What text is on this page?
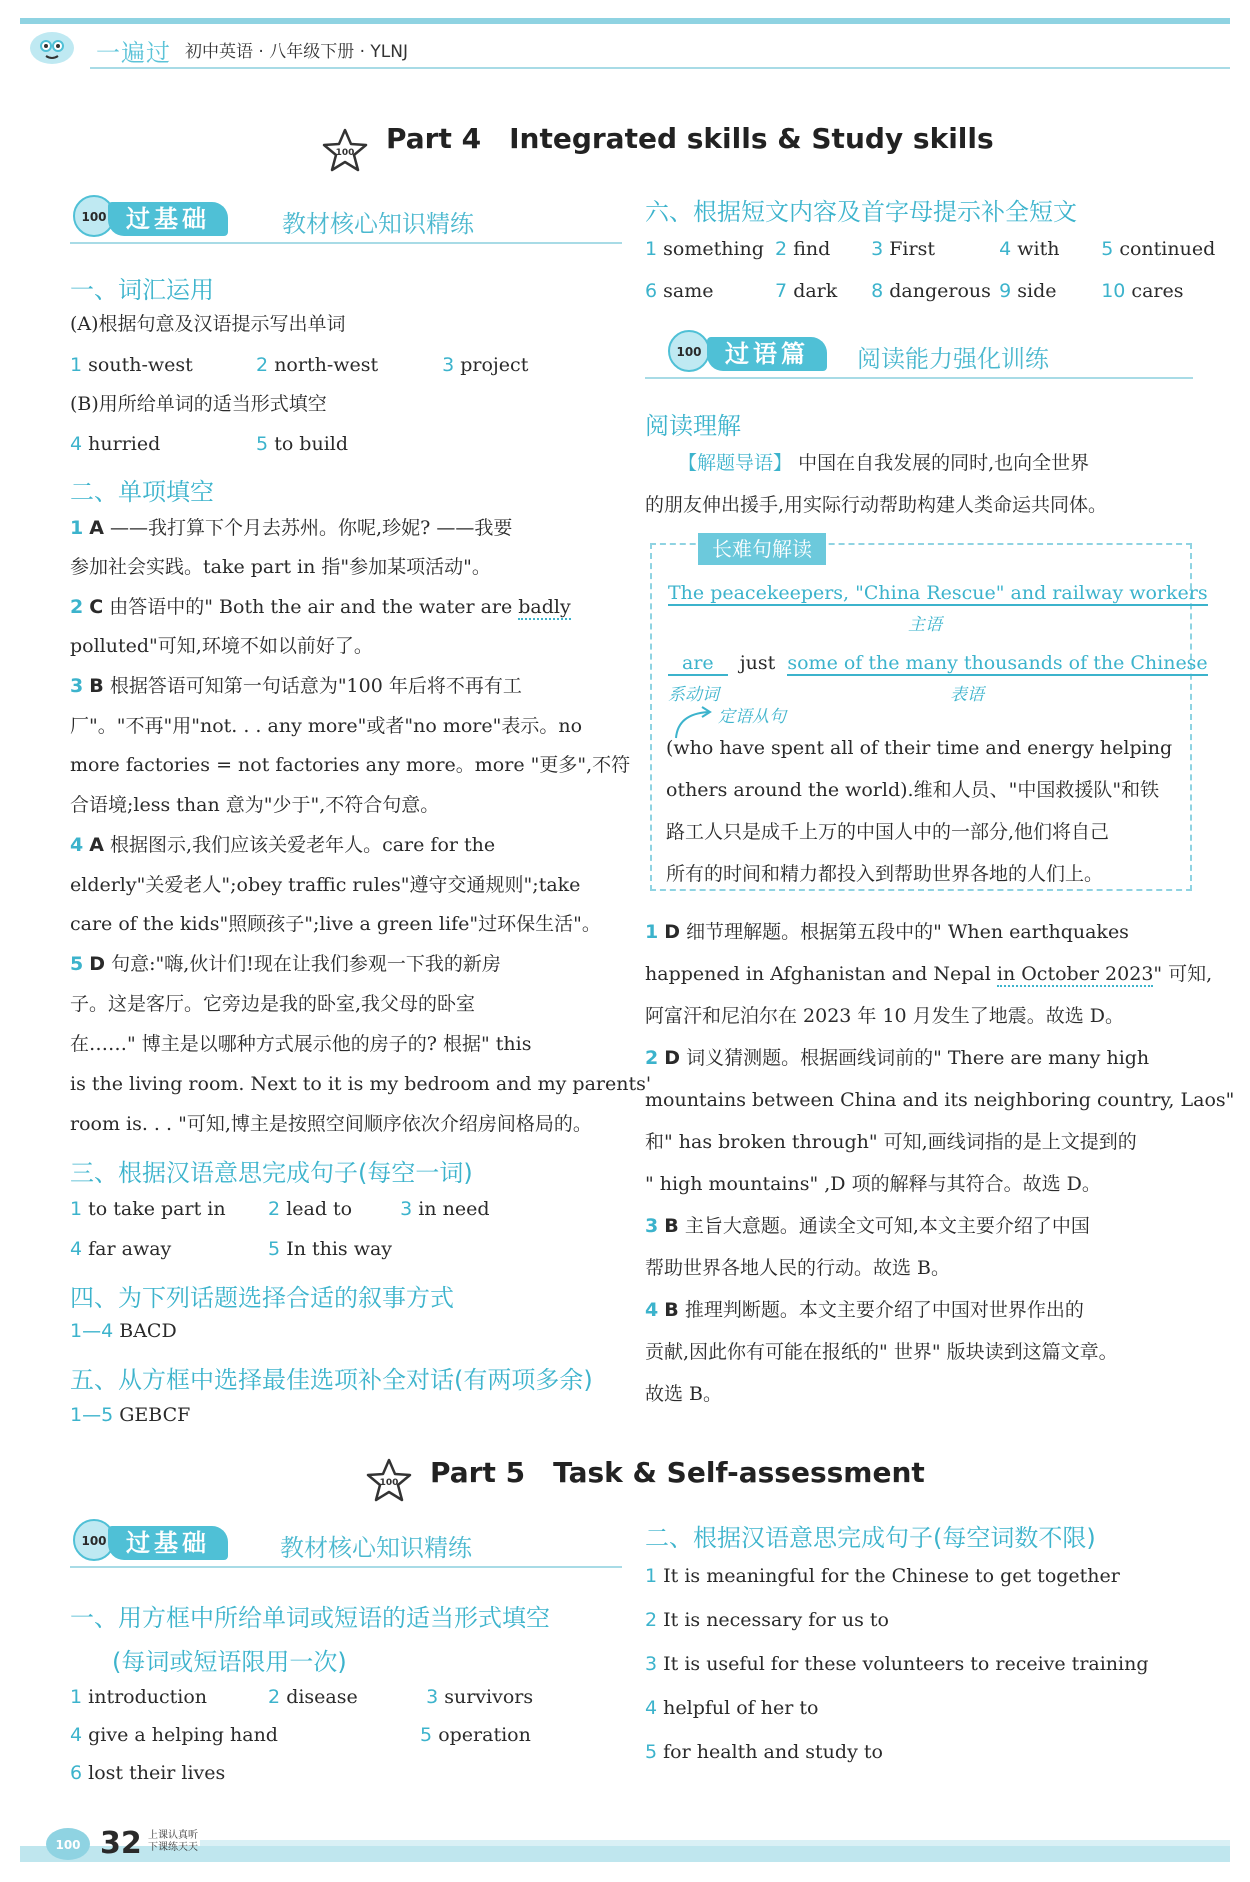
一遍过 初中英语 · 八年级下册 · YLNJ
100 Part 4 Integrated skills & Study skills
100 过基础	教材核心知识精练
一、词汇运用
(A)根据句意及汉语提示写出单词
1 south-west	2 north-west	3 project
(B)用所给单词的适当形式填空
4 hurried	5 to build
二、单项填空
1 A ——我打算下个月去苏州。你呢,珍妮? ——我要
参加社会实践。take part in 指"参加某项活动"。
2 C 由答语中的" Both the air and the water are badly
polluted"可知,环境不如以前好了。
3 B 根据答语可知第一句话意为"100 年后将不再有工
厂"。"不再"用"not. . . any more"或者"no more"表示。no
more factories = not factories any more。more "更多",不符
合语境;less than 意为"少于",不符合句意。
4 A 根据图示,我们应该关爱老年人。care for the
elderly"关爱老人";obey traffic rules"遵守交通规则";take
care of the kids"照顾孩子";live a green life"过环保生活"。
5 D 句意:"嗨,伙计们!现在让我们参观一下我的新房
子。这是客厅。它旁边是我的卧室,我父母的卧室
在……" 博主是以哪种方式展示他的房子的? 根据" this
is the living room. Next to it is my bedroom and my parents'
room is. . . "可知,博主是按照空间顺序依次介绍房间格局的。
三、根据汉语意思完成句子(每空一词)
1 to take part in 2 lead to	3 in need
4 far away	5 In this way
四、为下列话题选择合适的叙事方式
1—4 BACD
五、从方框中选择最佳选项补全对话(有两项多余)
1—5 GEBCF
六、根据短文内容及首字母提示补全短文
1 something 2 find 3 First	4 with 5 continued
6 same	7 dark 8 dangerous 9 side 10 cares
100 过语篇	阅读能力强化训练
阅读理解
【解题导语】 中国在自我发展的同时,也向全世界
的朋友伸出援手,用实际行动帮助构建人类命运共同体。
长难句解读
The peacekeepers, "China Rescue" and railway workers
主语
are just some of the many thousands of the Chinese
系动词	表语
定语从句
(who have spent all of their time and energy helping
others around the world).维和人员、"中国救援队"和铁
路工人只是成千上万的中国人中的一部分,他们将自己
所有的时间和精力都投入到帮助世界各地的人们上。
1 D 细节理解题。根据第五段中的" When earthquakes
happened in Afghanistan and Nepal in October 2023" 可知,
阿富汗和尼泊尔在 2023 年 10 月发生了地震。故选 D。
2 D 词义猜测题。根据画线词前的" There are many high
mountains between China and its neighboring country, Laos"
和" has broken through" 可知,画线词指的是上文提到的
" high mountains" ,D 项的解释与其符合。故选 D。
3 B 主旨大意题。通读全文可知,本文主要介绍了中国
帮助世界各地人民的行动。故选 B。
4 B 推理判断题。本文主要介绍了中国对世界作出的
贡献,因此你有可能在报纸的" 世界" 版块读到这篇文章。
故选 B。
100 Part 5 Task & Self-assessment
100 过基础	教材核心知识精练
一、用方框中所给单词或短语的适当形式填空
(每词或短语限用一次)
1 introduction	2 disease	3 survivors
4 give a helping hand	5 operation
6 lost their lives
二、根据汉语意思完成句子(每空词数不限)
1 It is meaningful for the Chinese to get together
2 It is necessary for us to
3 It is useful for these volunteers to receive training
4 helpful of her to
5 for health and study to
100 32 上课认真听
下课练天天
